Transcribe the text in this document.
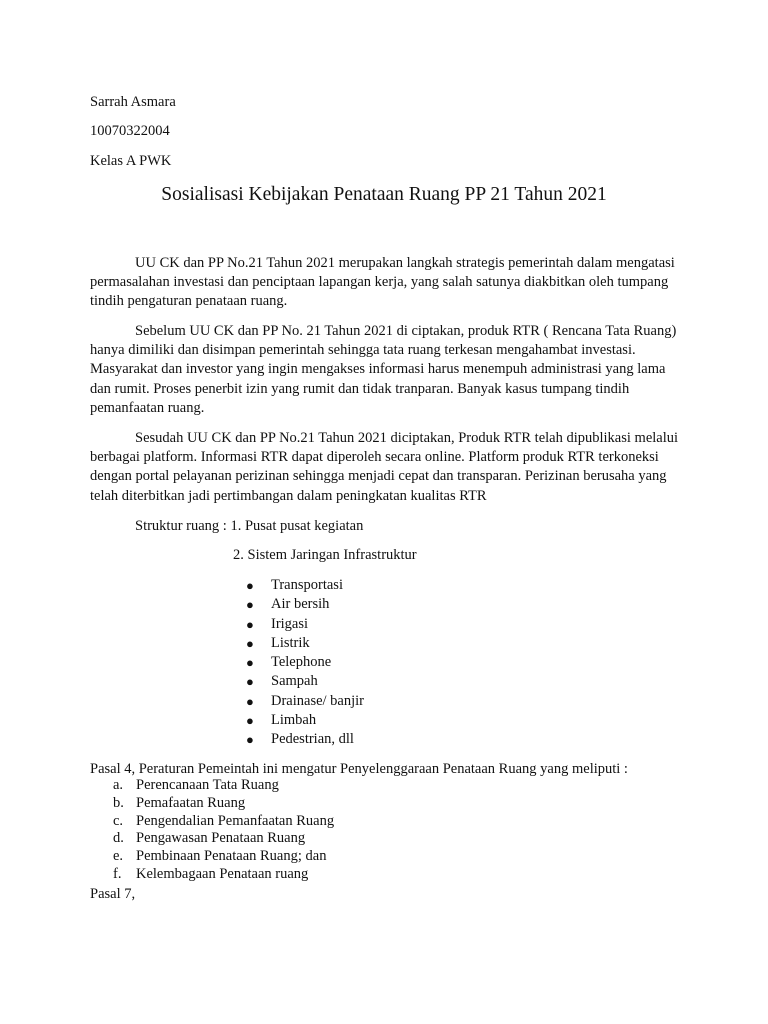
Sarrah Asmara
10070322004
Kelas A PWK
Sosialisasi Kebijakan Penataan Ruang PP 21 Tahun 2021
UU CK dan PP No.21 Tahun 2021 merupakan langkah strategis pemerintah dalam mengatasi permasalahan investasi dan penciptaan lapangan kerja, yang salah satunya diakbitkan oleh tumpang tindih pengaturan penataan ruang.
Sebelum UU CK dan PP No. 21 Tahun 2021 di ciptakan, produk RTR ( Rencana Tata Ruang) hanya dimiliki dan disimpan pemerintah sehingga tata ruang terkesan mengahambat investasi. Masyarakat dan investor yang ingin mengakses informasi harus menempuh administrasi yang lama dan rumit. Proses penerbit izin yang rumit dan tidak tranparan. Banyak kasus tumpang tindih pemanfaatan ruang.
Sesudah UU CK dan PP No.21 Tahun 2021 diciptakan, Produk RTR telah dipublikasi melalui berbagai platform. Informasi RTR dapat diperoleh secara online. Platform produk RTR terkoneksi dengan portal pelayanan perizinan sehingga menjadi cepat dan transparan. Perizinan berusaha yang telah diterbitkan jadi pertimbangan dalam peningkatan kualitas RTR
Struktur ruang : 1. Pusat pusat kegiatan
2. Sistem Jaringan Infrastruktur
● Transportasi
● Air bersih
● Irigasi
● Listrik
● Telephone
● Sampah
● Drainase/ banjir
● Limbah
● Pedestrian, dll
Pasal 4, Peraturan Pemeintah ini mengatur Penyelenggaraan Penataan Ruang yang meliputi :
a. Perencanaan Tata Ruang
b. Pemafaatan Ruang
c. Pengendalian Pemanfaatan Ruang
d. Pengawasan Penataan Ruang
e. Pembinaan Penataan Ruang; dan
f. Kelembagaan Penataan ruang
Pasal 7,
